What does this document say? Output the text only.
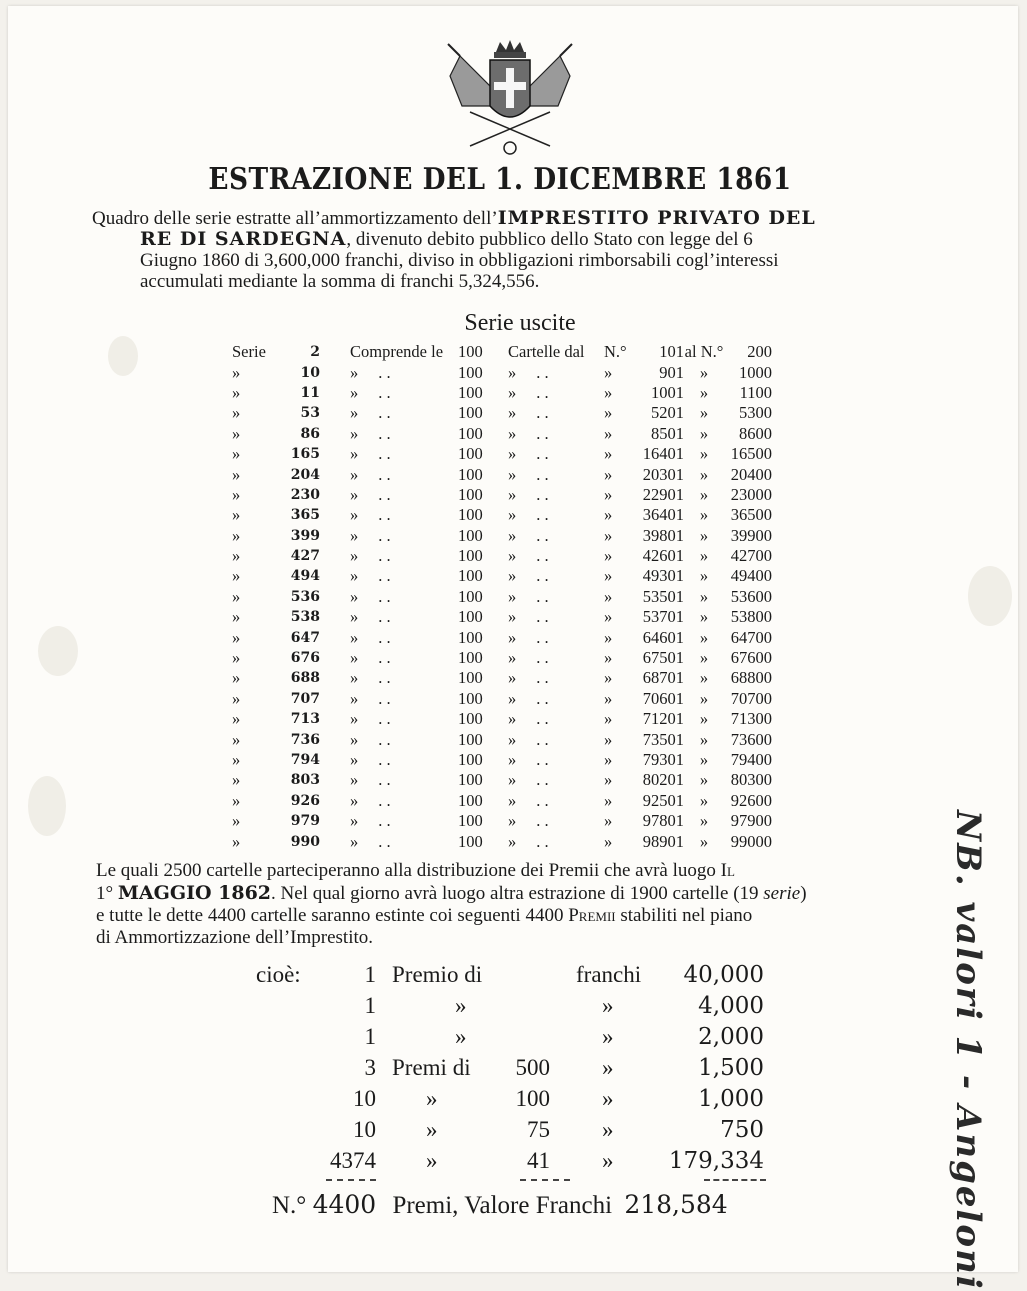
ESTRAZIONE DEL 1. DICEMBRE 1861

Quadro delle serie estratte all’ammortizzamento dell’IMPRESTITO PRIVATO DEL

RE DI SARDEGNA, divenuto debito pubblico dello Stato con legge del 6

Giugno 1860 di 3,600,000 franchi, diviso in obbligazioni rimborsabili cogl’interessi

accumulati mediante la somma di franchi 5,324,556.

Serie uscite
Serie	2	Comprende le	100	Cartelle dal	N.°	101	al N.°	200
»	10	» . .	100	» . .	»	901	»	1000
»	11	» . .	100	» . .	»	1001	»	1100
»	53	» . .	100	» . .	»	5201	»	5300
»	86	» . .	100	» . .	»	8501	»	8600
»	165	» . .	100	» . .	»	16401	»	16500
»	204	» . .	100	» . .	»	20301	»	20400
»	230	» . .	100	» . .	»	22901	»	23000
»	365	» . .	100	» . .	»	36401	»	36500
»	399	» . .	100	» . .	»	39801	»	39900
»	427	» . .	100	» . .	»	42601	»	42700
»	494	» . .	100	» . .	»	49301	»	49400
»	536	» . .	100	» . .	»	53501	»	53600
»	538	» . .	100	» . .	»	53701	»	53800
»	647	» . .	100	» . .	»	64601	»	64700
»	676	» . .	100	» . .	»	67501	»	67600
»	688	» . .	100	» . .	»	68701	»	68800
»	707	» . .	100	» . .	»	70601	»	70700
»	713	» . .	100	» . .	»	71201	»	71300
»	736	» . .	100	» . .	»	73501	»	73600
»	794	» . .	100	» . .	»	79301	»	79400
»	803	» . .	100	» . .	»	80201	»	80300
»	926	» . .	100	» . .	»	92501	»	92600
»	979	» . .	100	» . .	»	97801	»	97900
»	990	» . .	100	» . .	»	98901	»	99000

Le quali 2500 cartelle parteciperanno alla distribuzione dei Premii che avrà luogo Il

1° MAGGIO 1862. Nel qual giorno avrà luogo altra estrazione di 1900 cartelle (19 serie)

e tutte le dette 4400 cartelle saranno estinte coi seguenti 4400 Premii stabiliti nel piano

di Ammortizzazione dell’Imprestito.

cioè:	1 Premio di	franchi	40,000
1	»	»	4,000
1	»	»	2,000
3 Premi di	500 »	1,500
10 »	100 »	1,000
10 »	75 »	750
4374 »	41 »	179,334
N.° 4400 Premi, Valore Franchi 218,584	NB. valori 1 - Angeloni
